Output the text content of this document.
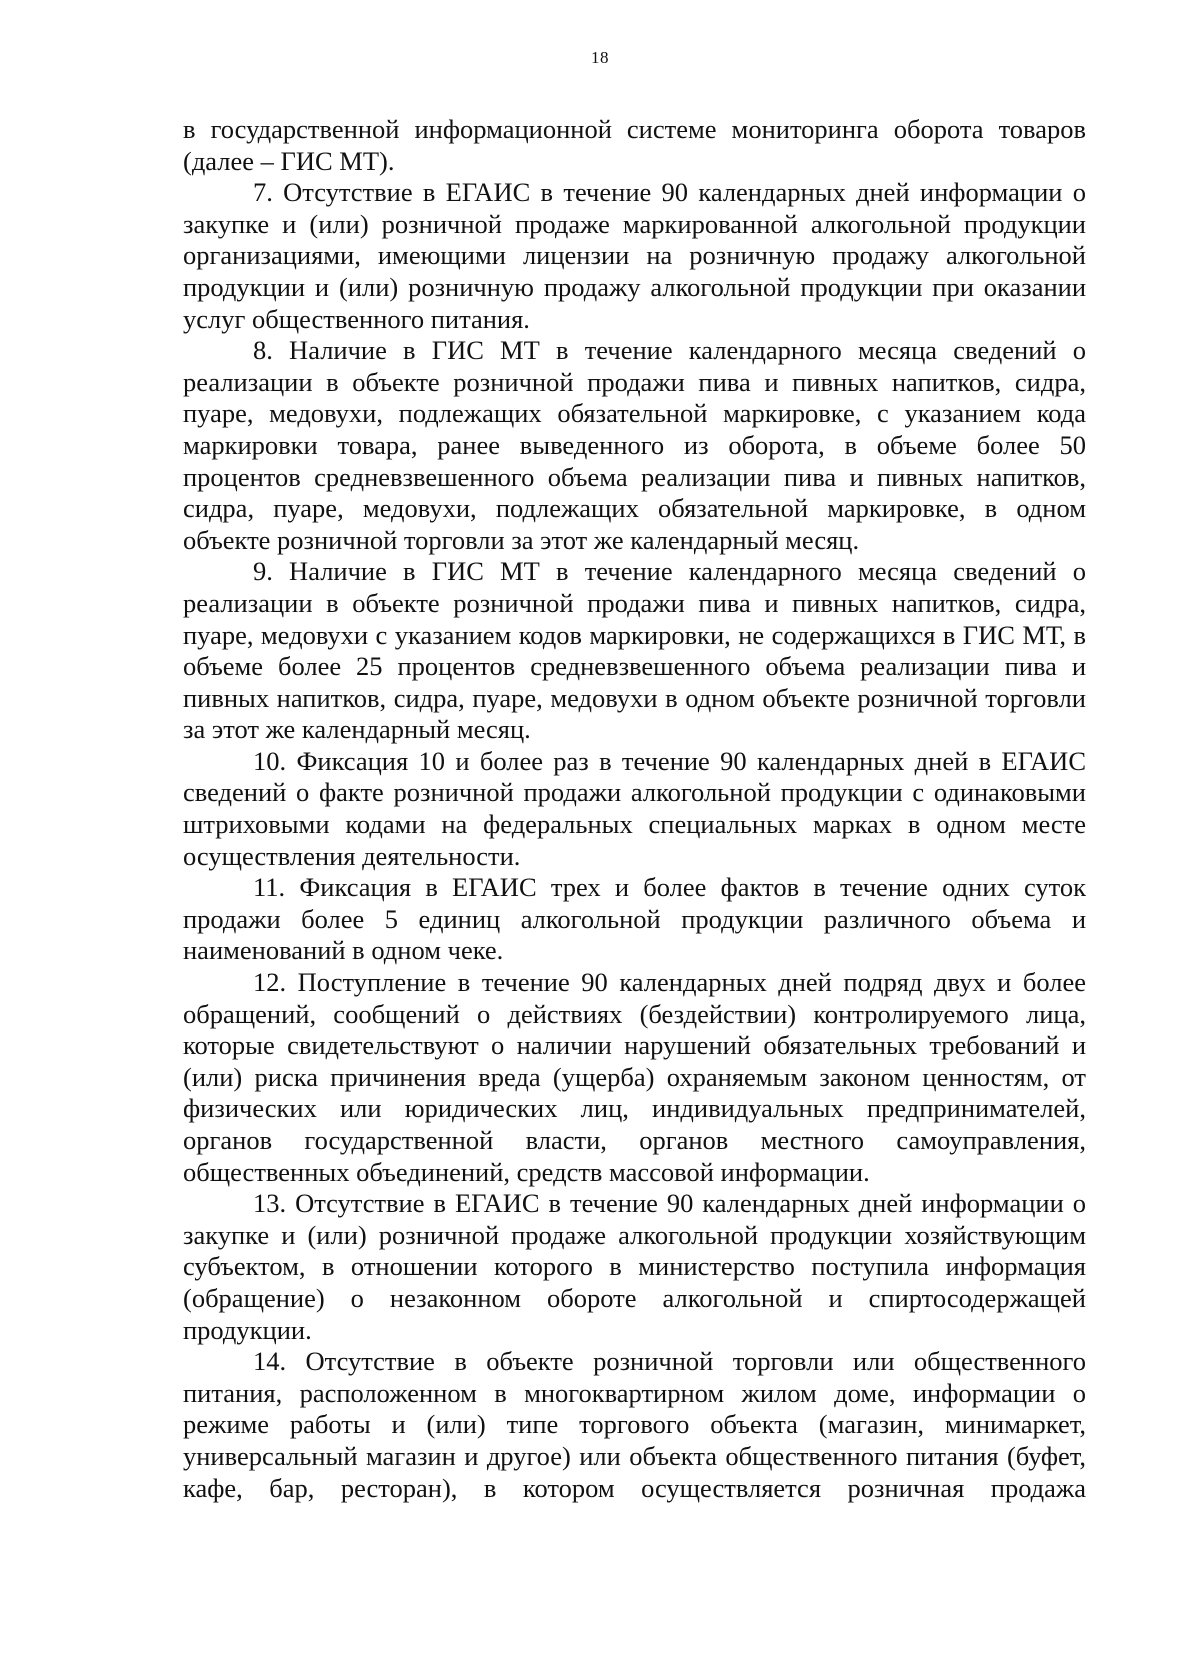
18

в государственной информационной системе мониторинга оборота товаров (далее – ГИС МТ).

7. Отсутствие в ЕГАИС в течение 90 календарных дней информации о закупке и (или) розничной продаже маркированной алкогольной продукции организациями, имеющими лицензии на розничную продажу алкогольной продукции и (или) розничную продажу алкогольной продукции при оказании услуг общественного питания.

8. Наличие в ГИС МТ в течение календарного месяца сведений о реализации в объекте розничной продажи пива и пивных напитков, сидра, пуаре, медовухи, подлежащих обязательной маркировке, с указанием кода маркировки товара, ранее выведенного из оборота, в объеме более 50 процентов средневзвешенного объема реализации пива и пивных напитков, сидра, пуаре, медовухи, подлежащих обязательной маркировке, в одном объекте розничной торговли за этот же календарный месяц.

9. Наличие в ГИС МТ в течение календарного месяца сведений о реализации в объекте розничной продажи пива и пивных напитков, сидра, пуаре, медовухи с указанием кодов маркировки, не содержащихся в ГИС МТ, в объеме более 25 процентов средневзвешенного объема реализации пива и пивных напитков, сидра, пуаре, медовухи в одном объекте розничной торговли за этот же календарный месяц.

10. Фиксация 10 и более раз в течение 90 календарных дней в ЕГАИС сведений о факте розничной продажи алкогольной продукции с одинаковыми штриховыми кодами на федеральных специальных марках в одном месте осуществления деятельности.

11. Фиксация в ЕГАИС трех и более фактов в течение одних суток продажи более 5 единиц алкогольной продукции различного объема и наименований в одном чеке.

12. Поступление в течение 90 календарных дней подряд двух и более обращений, сообщений о действиях (бездействии) контролируемого лица, которые свидетельствуют о наличии нарушений обязательных требований и (или) риска причинения вреда (ущерба) охраняемым законом ценностям, от физических или юридических лиц, индивидуальных предпринимателей, органов государственной власти, органов местного самоуправления, общественных объединений, средств массовой информации.

13. Отсутствие в ЕГАИС в течение 90 календарных дней информации о закупке и (или) розничной продаже алкогольной продукции хозяйствующим субъектом, в отношении которого в министерство поступила информация (обращение) о незаконном обороте алкогольной и спиртосодержащей продукции.

14. Отсутствие в объекте розничной торговли или общественного питания, расположенном в многоквартирном жилом доме, информации о режиме работы и (или) типе торгового объекта (магазин, минимаркет, универсальный магазин и другое) или объекта общественного питания (буфет, кафе, бар, ресторан), в котором осуществляется розничная продажа
